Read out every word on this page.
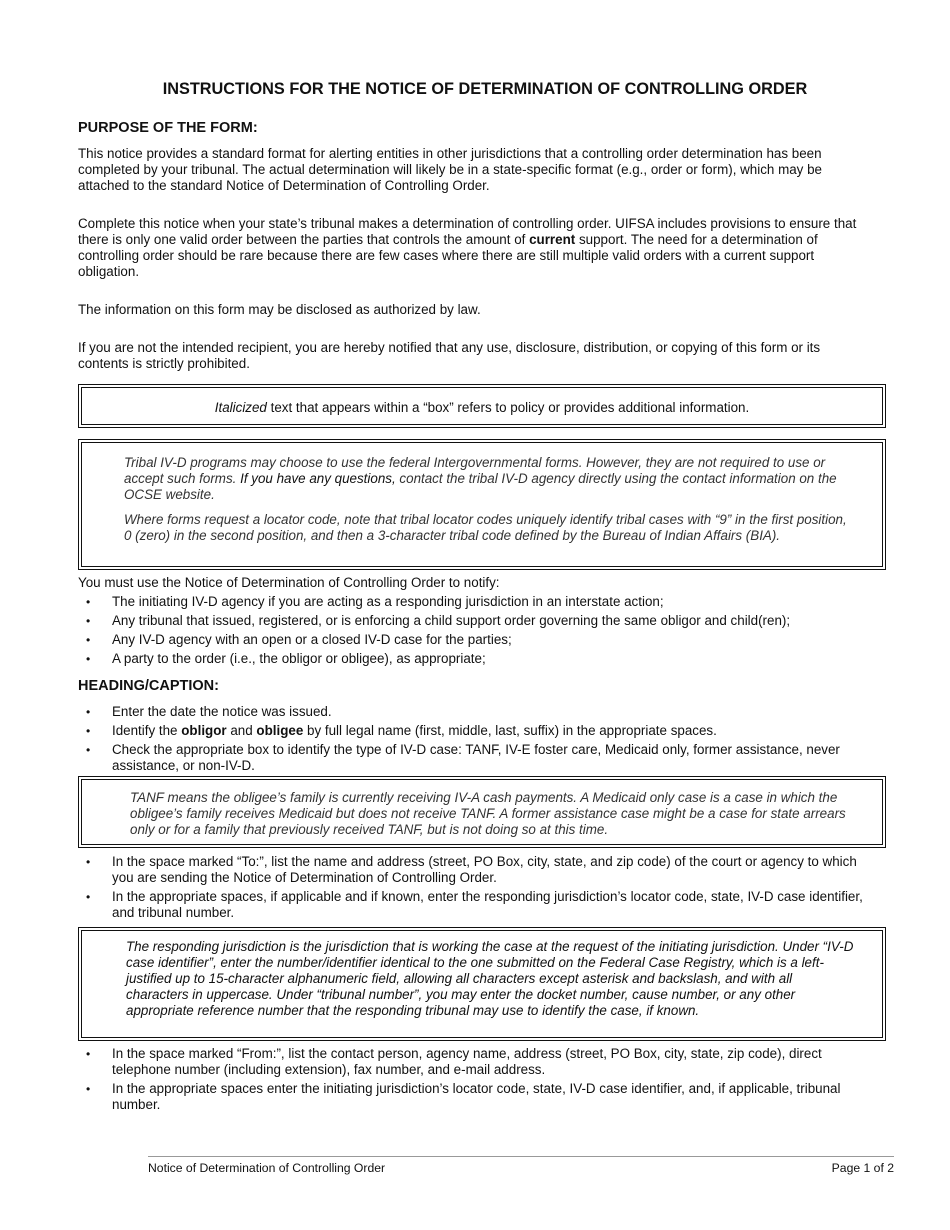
INSTRUCTIONS FOR THE NOTICE OF DETERMINATION OF CONTROLLING ORDER
PURPOSE OF THE FORM:

This notice provides a standard format for alerting entities in other jurisdictions that a controlling order determination has been completed by your tribunal. The actual determination will likely be in a state-specific format (e.g., order or form), which may be attached to the standard Notice of Determination of Controlling Order.

Complete this notice when your state’s tribunal makes a determination of controlling order. UIFSA includes provisions to ensure that there is only one valid order between the parties that controls the amount of current support. The need for a determination of controlling order should be rare because there are few cases where there are still multiple valid orders with a current support obligation.

The information on this form may be disclosed as authorized by law.

If you are not the intended recipient, you are hereby notified that any use, disclosure, distribution, or copying of this form or its contents is strictly prohibited.

Italicized text that appears within a “box” refers to policy or provides additional information.
Tribal IV-D programs may choose to use the federal Intergovernmental forms. However, they are not required to use or accept such forms. If you have any questions, contact the tribal IV-D agency directly using the contact information on the OCSE website.
Where forms request a locator code, note that tribal locator codes uniquely identify tribal cases with “9” in the first position, 0 (zero) in the second position, and then a 3-character tribal code defined by the Bureau of Indian Affairs (BIA).

You must use the Notice of Determination of Controlling Order to notify:

• The initiating IV-D agency if you are acting as a responding jurisdiction in an interstate action;
• Any tribunal that issued, registered, or is enforcing a child support order governing the same obligor and child(ren);
• Any IV-D agency with an open or a closed IV-D case for the parties;
• A party to the order (i.e., the obligor or obligee), as appropriate;
HEADING/CAPTION:
• Enter the date the notice was issued.
• Identify the obligor and obligee by full legal name (first, middle, last, suffix) in the appropriate spaces.
• Check the appropriate box to identify the type of IV-D case: TANF, IV-E foster care, Medicaid only, former assistance, never assistance, or non-IV-D.
TANF means the obligee’s family is currently receiving IV-A cash payments. A Medicaid only case is a case in which the obligee’s family receives Medicaid but does not receive TANF. A former assistance case might be a case for state arrears only or for a family that previously received TANF, but is not doing so at this time.
• In the space marked “To:”, list the name and address (street, PO Box, city, state, and zip code) of the court or agency to which you are sending the Notice of Determination of Controlling Order.
• In the appropriate spaces, if applicable and if known, enter the responding jurisdiction’s locator code, state, IV-D case identifier, and tribunal number.
The responding jurisdiction is the jurisdiction that is working the case at the request of the initiating jurisdiction. Under “IV-D case identifier”, enter the number/identifier identical to the one submitted on the Federal Case Registry, which is a left-justified up to 15-character alphanumeric field, allowing all characters except asterisk and backslash, and with all characters in uppercase. Under “tribunal number”, you may enter the docket number, cause number, or any other appropriate reference number that the responding tribunal may use to identify the case, if known.
• In the space marked “From:”, list the contact person, agency name, address (street, PO Box, city, state, zip code), direct telephone number (including extension), fax number, and e-mail address.
• In the appropriate spaces enter the initiating jurisdiction’s locator code, state, IV-D case identifier, and, if applicable, tribunal number.
Notice of Determination of Controlling Order	Page 1 of 2
